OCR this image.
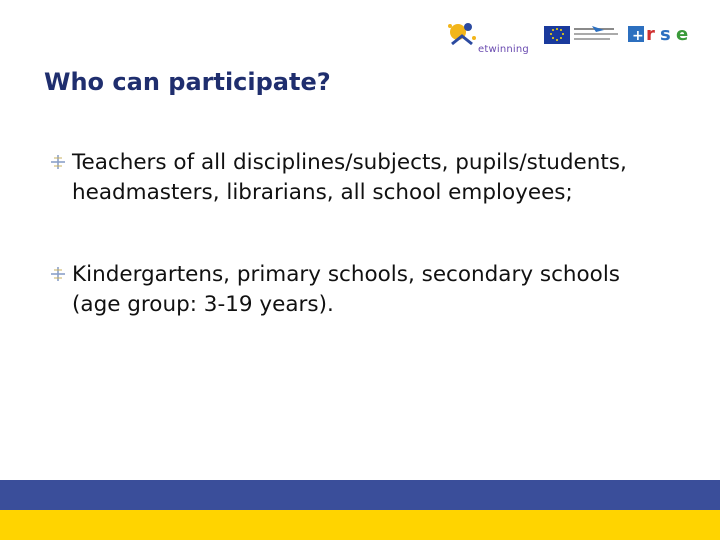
etwinning
+ r s e
Who can participate?
Teachers of all disciplines/subjects, pupils/students, headmasters, librarians, all school employees;
Kindergartens, primary schools, secondary schools (age group: 3-19 years).
